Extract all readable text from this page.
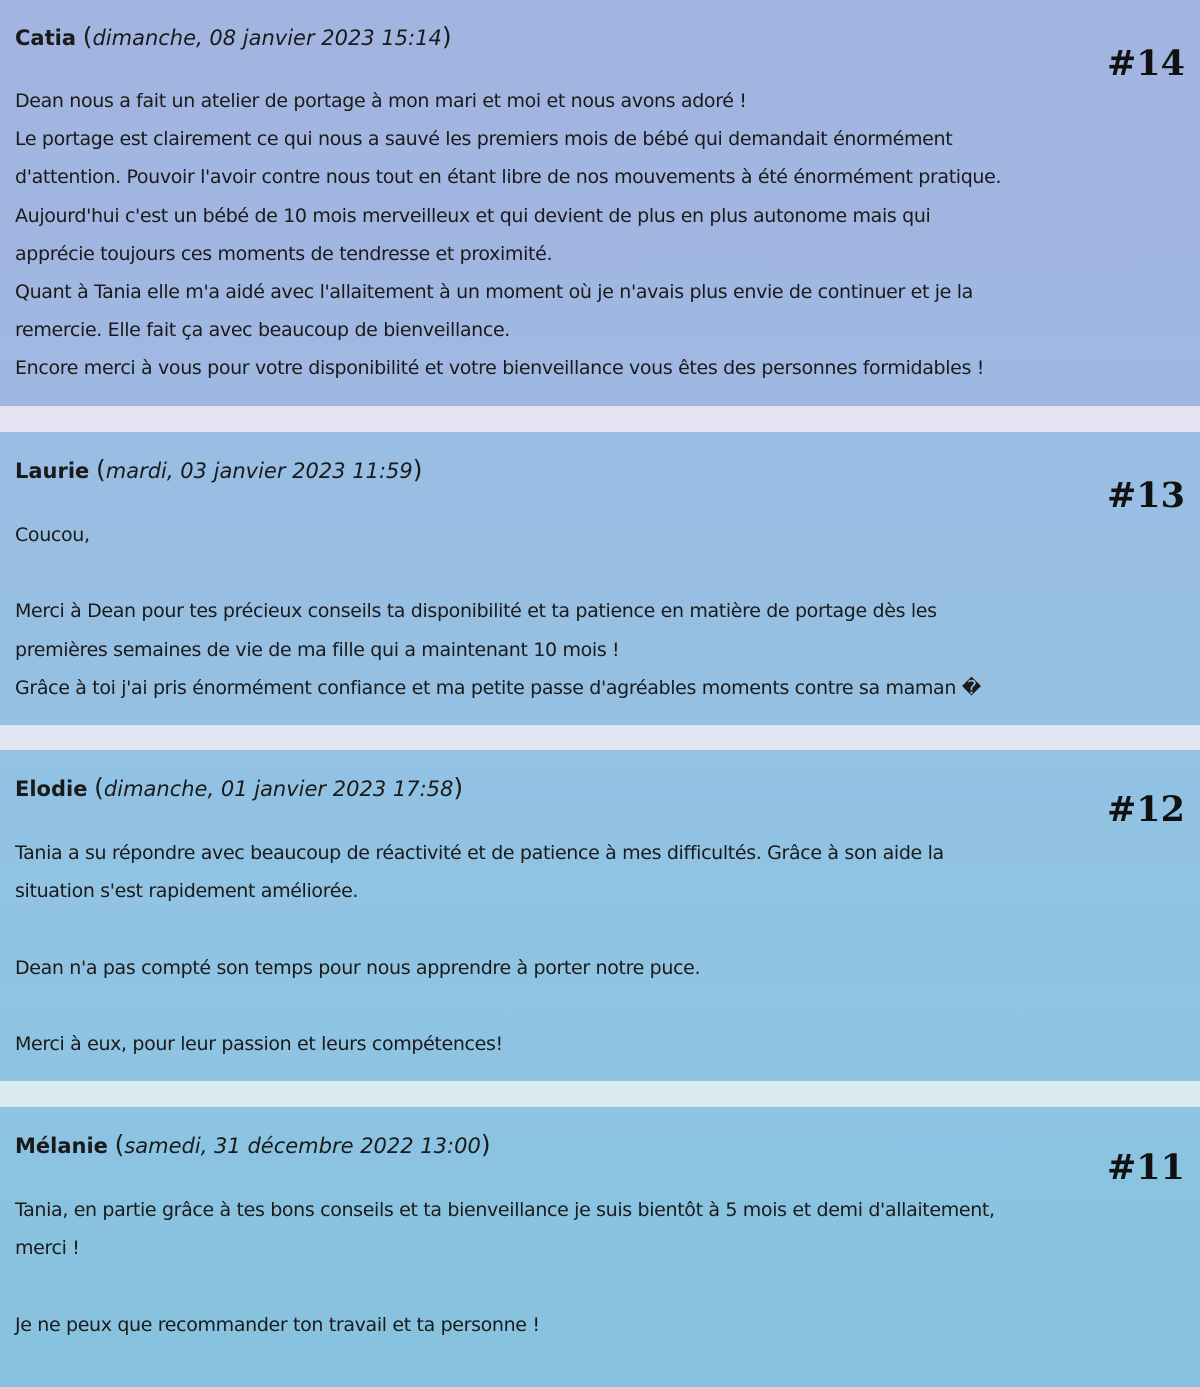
Catia (dimanche, 08 janvier 2023 15:14)
#14
Dean nous a fait un atelier de portage à mon mari et moi et nous avons adoré !
Le portage est clairement ce qui nous a sauvé les premiers mois de bébé qui demandait énormément
d'attention. Pouvoir l'avoir contre nous tout en étant libre de nos mouvements à été énormément pratique.
Aujourd'hui c'est un bébé de 10 mois merveilleux et qui devient de plus en plus autonome mais qui
apprécie toujours ces moments de tendresse et proximité.
Quant à Tania elle m'a aidé avec l'allaitement à un moment où je n'avais plus envie de continuer et je la
remercie. Elle fait ça avec beaucoup de bienveillance.
Encore merci à vous pour votre disponibilité et votre bienveillance vous êtes des personnes formidables !
Laurie (mardi, 03 janvier 2023 11:59)
#13
Coucou,
Merci à Dean pour tes précieux conseils ta disponibilité et ta patience en matière de portage dès les
premières semaines de vie de ma fille qui a maintenant 10 mois !
Grâce à toi j'ai pris énormément confiance et ma petite passe d'agréables moments contre sa maman �
Elodie (dimanche, 01 janvier 2023 17:58)
#12
Tania a su répondre avec beaucoup de réactivité et de patience à mes difficultés. Grâce à son aide la
situation s'est rapidement améliorée.
Dean n'a pas compté son temps pour nous apprendre à porter notre puce.
Merci à eux, pour leur passion et leurs compétences!
Mélanie (samedi, 31 décembre 2022 13:00)
#11
Tania, en partie grâce à tes bons conseils et ta bienveillance je suis bientôt à 5 mois et demi d'allaitement,
merci !
Je ne peux que recommander ton travail et ta personne !
